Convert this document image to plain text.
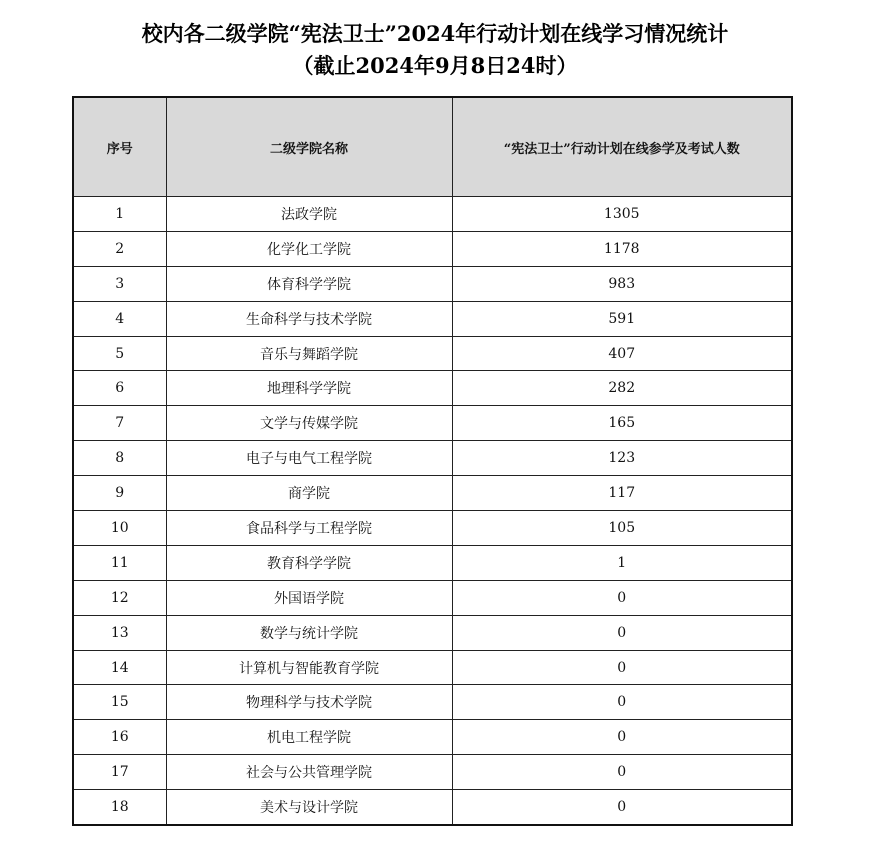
校内各二级学院“宪法卫士”2024年行动计划在线学习情况统计
（截止2024年9月8日24时）
序号	二级学院名称	“宪法卫士”行动计划在线参学及考试人数
1	法政学院	1305
2	化学化工学院	1178
3	体育科学学院	983
4	生命科学与技术学院	591
5	音乐与舞蹈学院	407
6	地理科学学院	282
7	文学与传媒学院	165
8	电子与电气工程学院	123
9	商学院	117
10	食品科学与工程学院	105
11	教育科学学院	1
12	外国语学院	0
13	数学与统计学院	0
14	计算机与智能教育学院	0
15	物理科学与技术学院	0
16	机电工程学院	0
17	社会与公共管理学院	0
18	美术与设计学院	0
